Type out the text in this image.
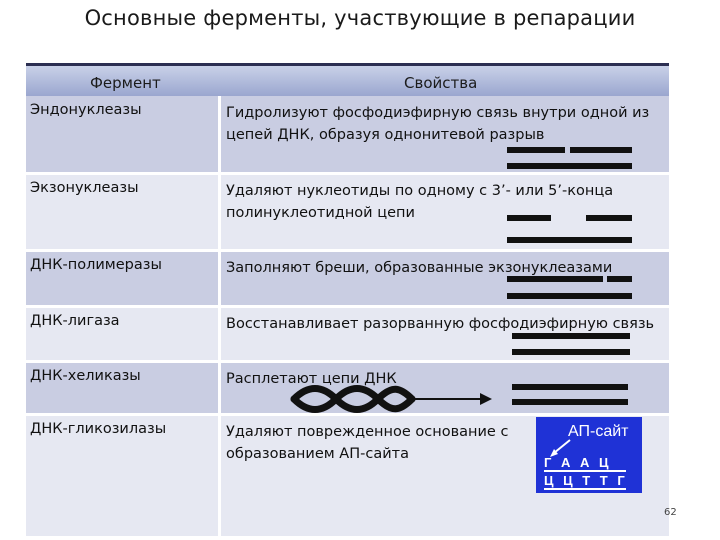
Основные ферменты, участвующие в репарации
Фермент	Свойства
Эндонуклеазы	Гидролизуют фосфодиэфирную связь внутри одной из цепей ДНК, образуя однонитевой разрыв
Экзонуклеазы	Удаляют нуклеотиды по одному с 3’- или 5’-конца полинуклеотидной цепи
ДНК-полимеразы	Заполняют бреши, образованные экзонуклеазами
ДНК-лигаза	Восстанавливает разорванную фосфодиэфирную связь
ДНК-хеликазы	Расплетают цепи ДНК
ДНК-гликозилазы	Удаляют поврежденное основание с образованием АП-сайта
АП-сайт
Г А А Ц
Ц Ц Т Т Г
62
